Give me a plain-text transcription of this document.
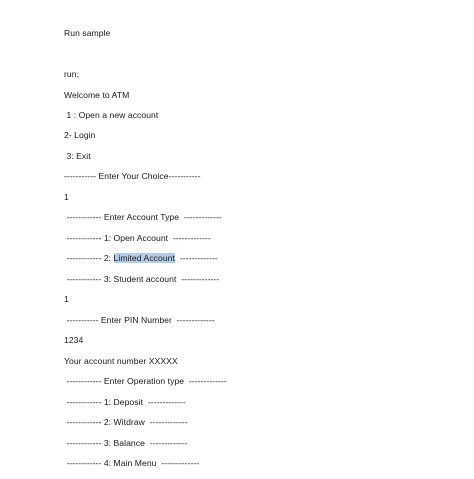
Run sample
run:
Welcome to ATM
1 : Open a new account
2- Login
3: Exit
----------- Enter Your Choice-----------
1
------------ Enter Account Type  -------------
------------ 1: Open Account  -------------
------------ 2: Limited Account  -------------
------------ 3: Student account  -------------
1
----------- Enter PIN Number  -------------
1234
Your account number XXXXX
------------ Enter Operation type  -------------
------------ 1: Deposit  -------------
------------ 2: Witdraw  -------------
------------ 3: Balance  -------------
------------ 4: Main Menu  -------------
